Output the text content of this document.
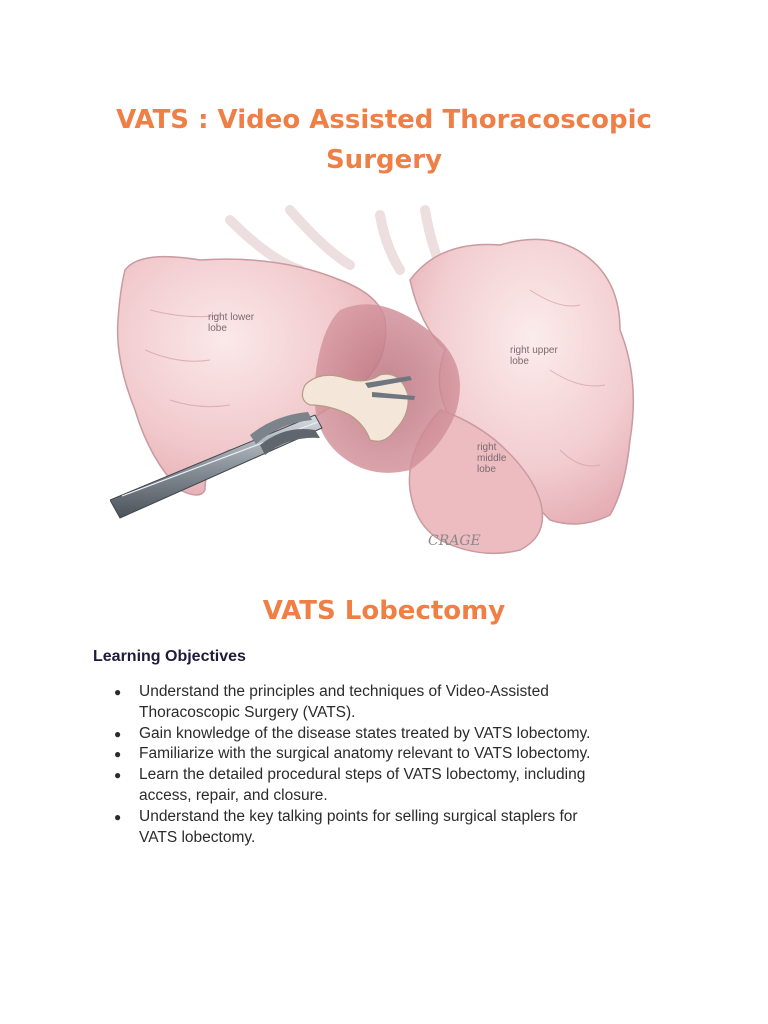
VATS : Video Assisted Thoracoscopic
Surgery
right lower
lobe
right upper
lobe
right
middle
lobe
CRAGE
VATS Lobectomy
Learning Objectives
● Understand the principles and techniques of Video-Assisted
Thoracoscopic Surgery (VATS).
● Gain knowledge of the disease states treated by VATS lobectomy.
● Familiarize with the surgical anatomy relevant to VATS lobectomy.
● Learn the detailed procedural steps of VATS lobectomy, including
access, repair, and closure.
● Understand the key talking points for selling surgical staplers for
VATS lobectomy.
